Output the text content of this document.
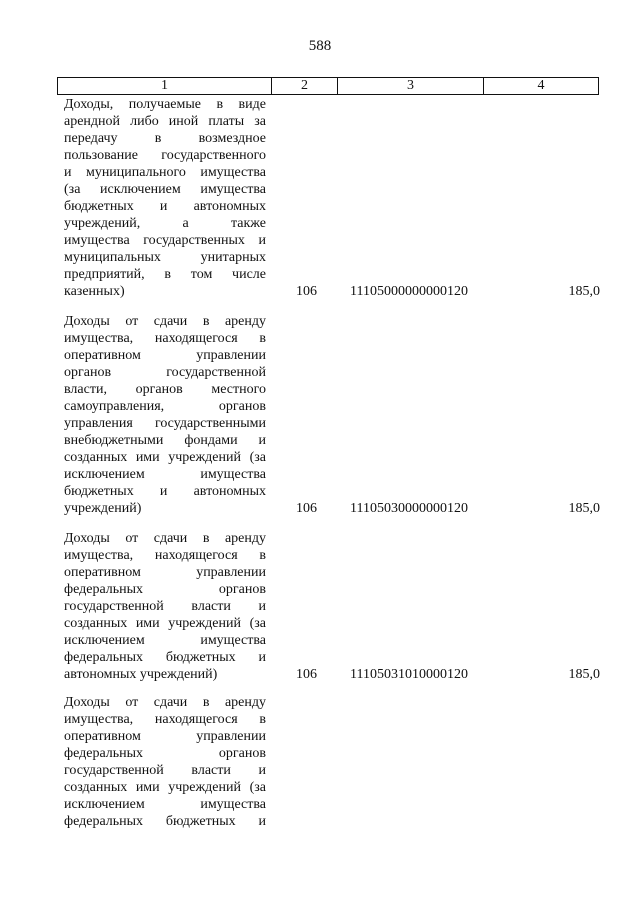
588
1	2	3	4
Доходы, получаемые в виде
арендной либо иной платы за
передачу в возмездное
пользование государственного
и муниципального имущества
(за исключением имущества
бюджетных и автономных
учреждений, а также
имущества государственных и
муниципальных унитарных
предприятий, в том числе
казенных)	106 11105000000000120	185,0
Доходы от сдачи в аренду
имущества, находящегося в
оперативном управлении
органов государственной
власти, органов местного
самоуправления, органов
управления государственными
внебюджетными фондами и
созданных ими учреждений (за
исключением имущества
бюджетных и автономных
учреждений)	106 11105030000000120	185,0
Доходы от сдачи в аренду
имущества, находящегося в
оперативном управлении
федеральных органов
государственной власти и
созданных ими учреждений (за
исключением имущества
федеральных бюджетных и
автономных учреждений)	106 11105031010000120	185,0
Доходы от сдачи в аренду
имущества, находящегося в
оперативном управлении
федеральных органов
государственной власти и
созданных ими учреждений (за
исключением имущества
федеральных бюджетных и
